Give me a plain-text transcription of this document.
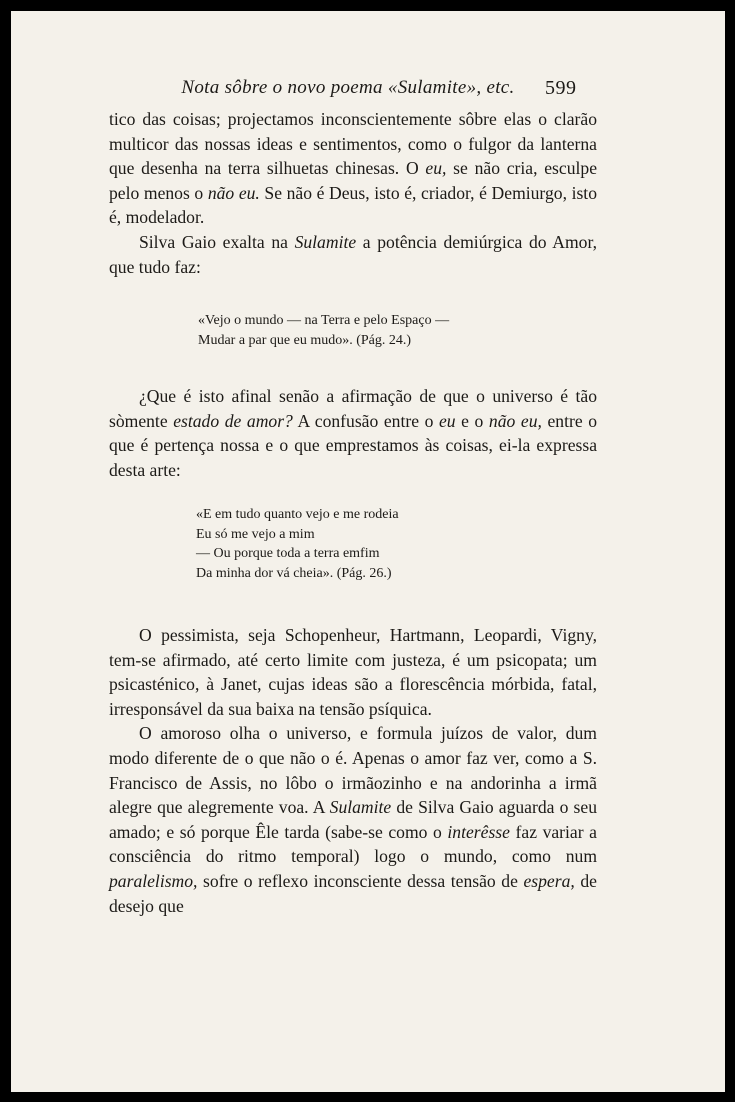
Nota sôbre o novo poema «Sulamite», etc.	599

tico das coisas; projectamos inconscientemente sôbre elas o clarão multicor das nossas ideas e sentimentos, como o fulgor da lanterna que desenha na terra silhuetas chinesas. O eu, se não cria, esculpe pelo menos o não eu. Se não é Deus, isto é, criador, é Demiurgo, isto é, modelador.

Silva Gaio exalta na Sulamite a potência demiúrgica do Amor, que tudo faz:

«Vejo o mundo — na Terra e pelo Espaço —
Mudar a par que eu mudo». (Pág. 24.)

¿Que é isto afinal senão a afirmação de que o universo é tão sòmente estado de amor? A confusão entre o eu e o não eu, entre o que é pertença nossa e o que emprestamos às coisas, ei-la expressa desta arte:

«E em tudo quanto vejo e me rodeia
Eu só me vejo a mim
— Ou porque toda a terra emfim
Da minha dor vá cheia». (Pág. 26.)

O pessimista, seja Schopenheur, Hartmann, Leopardi, Vigny, tem-se afirmado, até certo limite com justeza, é um psicopata; um psicasténico, à Janet, cujas ideas são a florescência mórbida, fatal, irresponsável da sua baixa na tensão psíquica.

O amoroso olha o universo, e formula juízos de valor, dum modo diferente de o que não o é. Apenas o amor faz ver, como a S. Francisco de Assis, no lôbo o irmãozinho e na andorinha a irmã alegre que alegremente voa. A Sulamite de Silva Gaio aguarda o seu amado; e só porque Êle tarda (sabe-se como o interêsse faz variar a consciência do ritmo temporal) logo o mundo, como num paralelismo, sofre o reflexo inconsciente dessa tensão de espera, de desejo que
